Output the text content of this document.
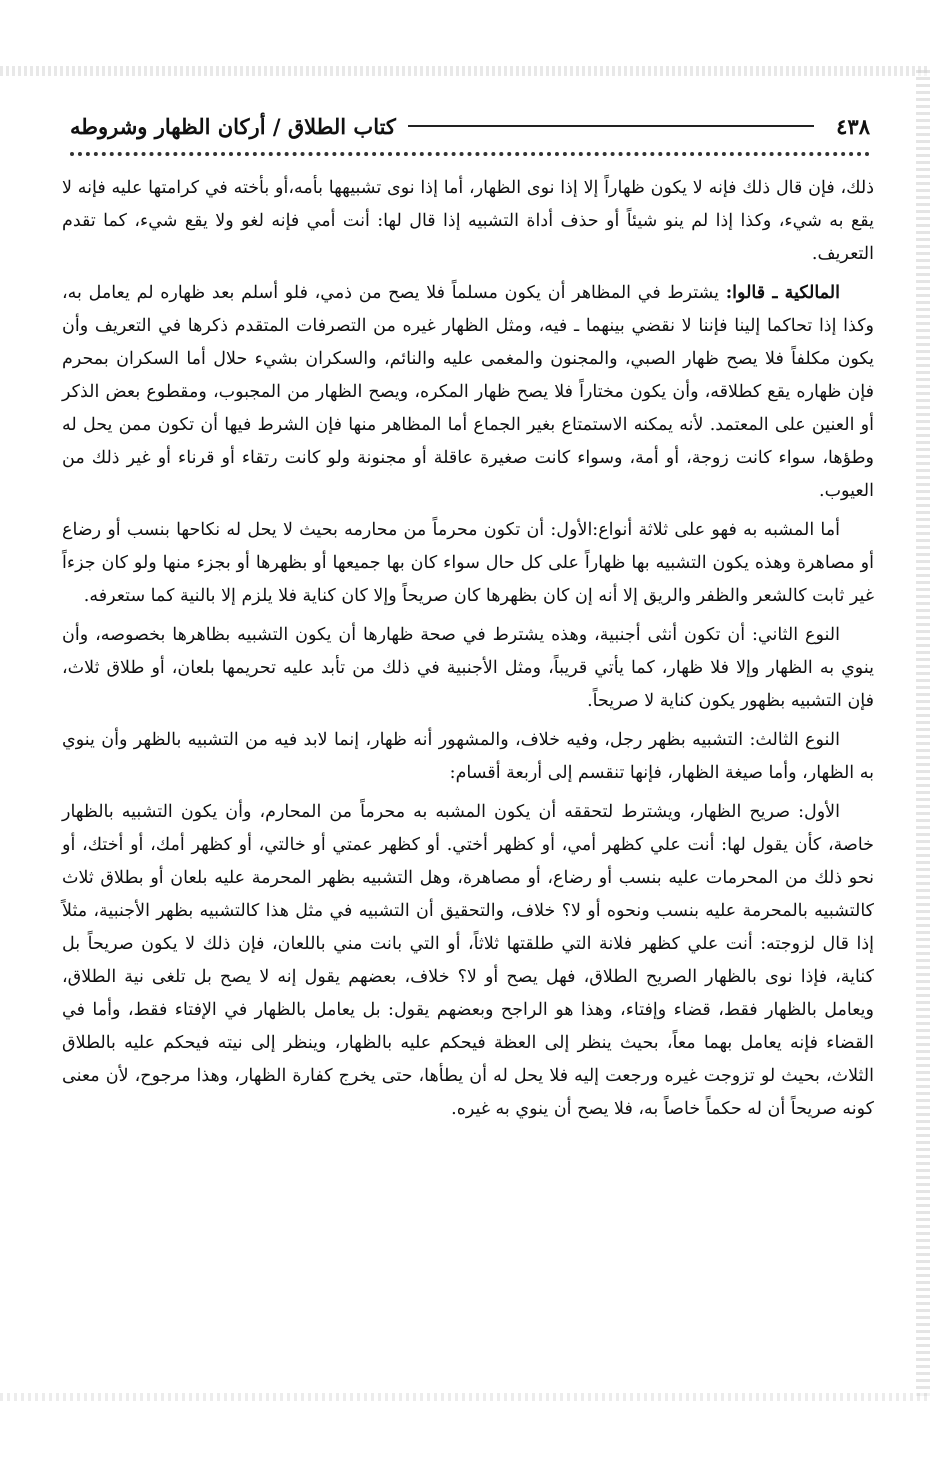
٤٣٨
كتاب الطلاق / أركان الظهار وشروطه

ذلك، فإن قال ذلك فإنه لا يكون ظهاراً إلا إذا نوى الظهار، أما إذا نوى تشبيهها بأمه،أو بأخته في كرامتها عليه فإنه لا يقع به شيء، وكذا إذا لم ينو شيئاً أو حذف أداة التشبيه إذا قال لها: أنت أمي فإنه لغو ولا يقع شيء، كما تقدم التعريف.

المالكية ـ قالوا: يشترط في المظاهر أن يكون مسلماً فلا يصح من ذمي، فلو أسلم بعد ظهاره لم يعامل به، وكذا إذا تحاكما إلينا فإننا لا نقضي بينهما ـ فيه، ومثل الظهار غيره من التصرفات المتقدم ذكرها في التعريف وأن يكون مكلفاً فلا يصح ظهار الصبي، والمجنون والمغمى عليه والنائم، والسكران بشيء حلال أما السكران بمحرم فإن ظهاره يقع كطلاقه، وأن يكون مختاراً فلا يصح ظهار المكره، ويصح الظهار من المجبوب، ومقطوع بعض الذكر أو العنين على المعتمد. لأنه يمكنه الاستمتاع بغير الجماع أما المظاهر منها فإن الشرط فيها أن تكون ممن يحل له وطؤها، سواء كانت زوجة، أو أمة، وسواء كانت صغيرة عاقلة أو مجنونة ولو كانت رتقاء أو قرناء أو غير ذلك من العيوب.

أما المشبه به فهو على ثلاثة أنواع:الأول: أن تكون محرماً من محارمه بحيث لا يحل له نكاحها بنسب أو رضاع أو مصاهرة وهذه يكون التشبيه بها ظهاراً على كل حال سواء كان بها جميعها أو بظهرها أو بجزء منها ولو كان جزءاً غير ثابت كالشعر والظفر والريق إلا أنه إن كان بظهرها كان صريحاً وإلا كان كناية فلا يلزم إلا بالنية كما ستعرفه.

النوع الثاني: أن تكون أنثى أجنبية، وهذه يشترط في صحة ظهارها أن يكون التشبيه بظاهرها بخصوصه، وأن ينوي به الظهار وإلا فلا ظهار، كما يأتي قريباً، ومثل الأجنبية في ذلك من تأبد عليه تحريمها بلعان، أو طلاق ثلاث، فإن التشبيه بظهور يكون كناية لا صريحاً.

النوع الثالث: التشبيه بظهر رجل، وفيه خلاف، والمشهور أنه ظهار، إنما لابد فيه من التشبيه بالظهر وأن ينوي به الظهار، وأما صيغة الظهار، فإنها تنقسم إلى أربعة أقسام:

الأول: صريح الظهار، ويشترط لتحققه أن يكون المشبه به محرماً من المحارم، وأن يكون التشبيه بالظهار خاصة، كأن يقول لها: أنت علي كظهر أمي، أو كظهر أختي. أو كظهر عمتي أو خالتي، أو كظهر أمك، أو أختك، أو نحو ذلك من المحرمات عليه بنسب أو رضاع، أو مصاهرة، وهل التشبيه بظهر المحرمة عليه بلعان أو بطلاق ثلاث كالتشبيه بالمحرمة عليه بنسب ونحوه أو لا؟ خلاف، والتحقيق أن التشبيه في مثل هذا كالتشبيه بظهر الأجنبية، مثلاً إذا قال لزوجته: أنت علي كظهر فلانة التي طلقتها ثلاثاً، أو التي بانت مني باللعان، فإن ذلك لا يكون صريحاً بل كناية، فإذا نوى بالظهار الصريح الطلاق، فهل يصح أو لا؟ خلاف، بعضهم يقول إنه لا يصح بل تلغى نية الطلاق، ويعامل بالظهار فقط، قضاء وإفتاء، وهذا هو الراجح وبعضهم يقول: بل يعامل بالظهار في الإفتاء فقط، وأما في القضاء فإنه يعامل بهما معاً، بحيث ينظر إلى العظة فيحكم عليه بالظهار، وينظر إلى نيته فيحكم عليه بالطلاق الثلاث، بحيث لو تزوجت غيره ورجعت إليه فلا يحل له أن يطأها، حتى يخرج كفارة الظهار، وهذا مرجوح، لأن معنى كونه صريحاً أن له حكماً خاصاً به، فلا يصح أن ينوي به غيره.
